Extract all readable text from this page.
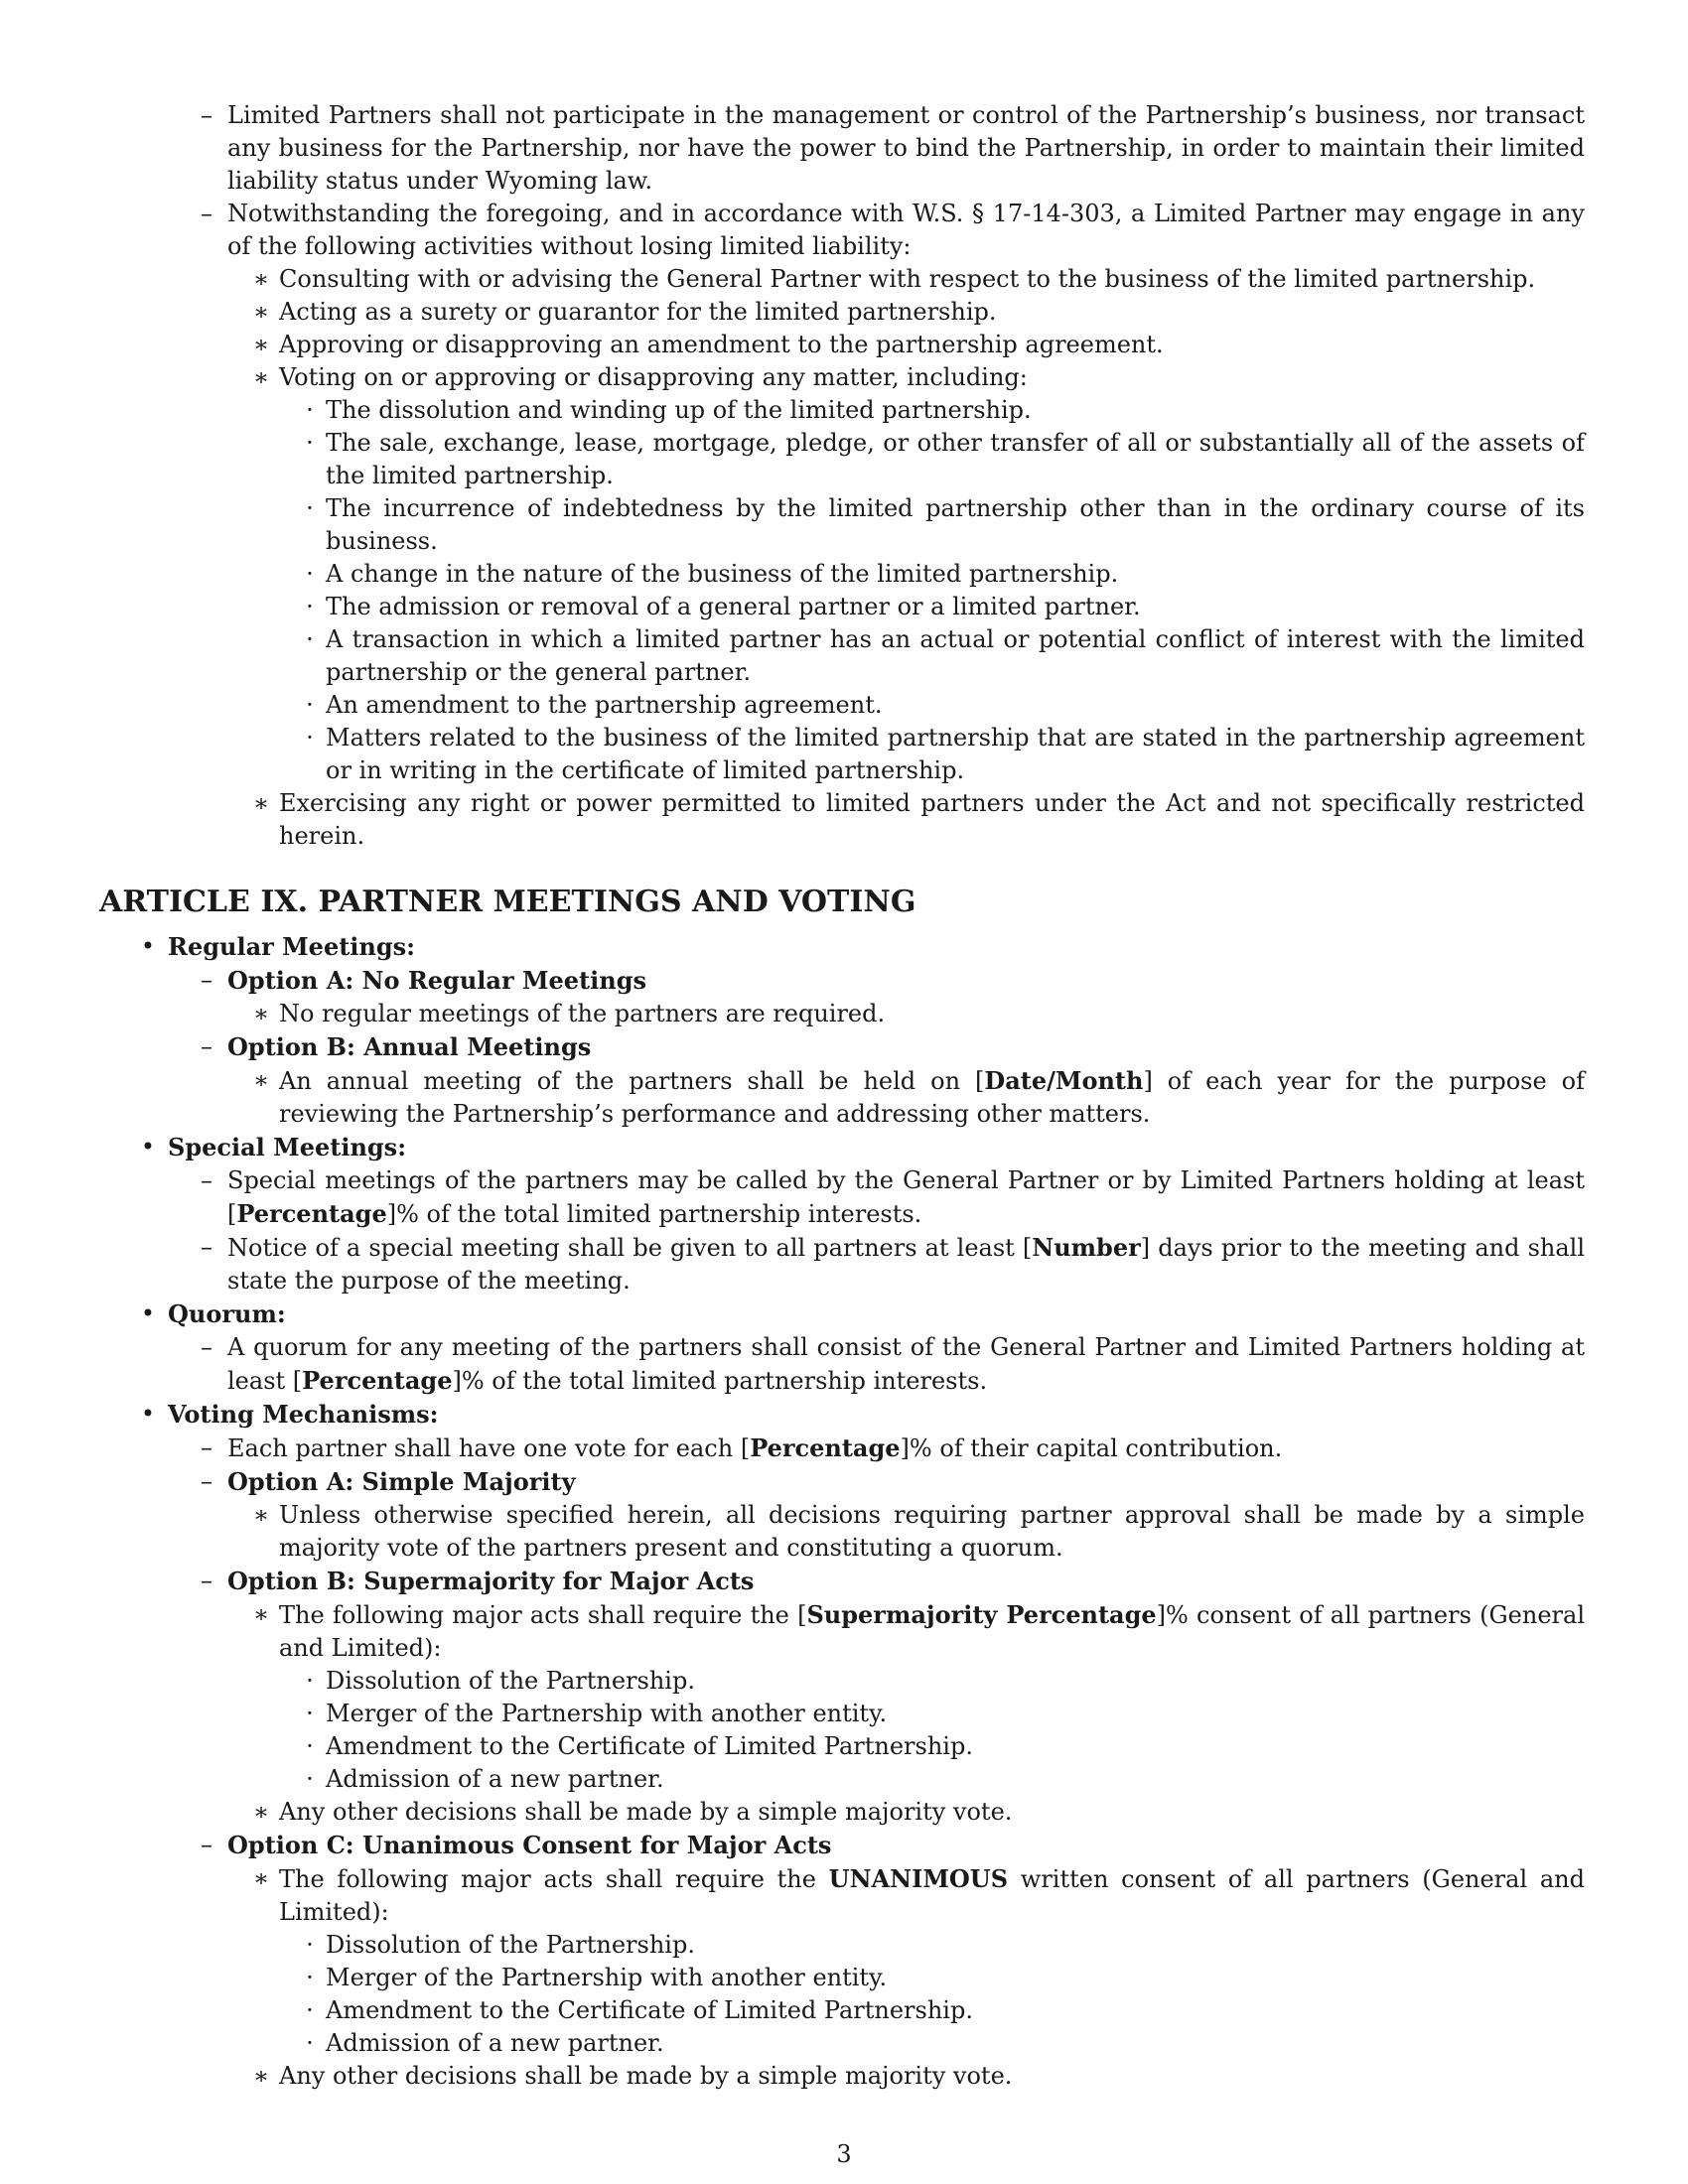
– Limited Partners shall not participate in the management or control of the Partnership’s business, nor transact any business for the Partnership, nor have the power to bind the Partnership, in order to maintain their limited liability status under Wyoming law.

– Notwithstanding the foregoing, and in accordance with W.S. § 17-14-303, a Limited Partner may engage in any of the following activities without losing limited liability:

∗ Consulting with or advising the General Partner with respect to the business of the limited partnership.

∗ Acting as a surety or guarantor for the limited partnership.

∗ Approving or disapproving an amendment to the partnership agreement.

∗ Voting on or approving or disapproving any matter, including:

· The dissolution and winding up of the limited partnership.

· The sale, exchange, lease, mortgage, pledge, or other transfer of all or substantially all of the assets of the limited partnership.

· The incurrence of indebtedness by the limited partnership other than in the ordinary course of its business.

· A change in the nature of the business of the limited partnership.

· The admission or removal of a general partner or a limited partner.

· A transaction in which a limited partner has an actual or potential conflict of interest with the limited partnership or the general partner.

· An amendment to the partnership agreement.

· Matters related to the business of the limited partnership that are stated in the partnership agreement or in writing in the certificate of limited partnership.

∗ Exercising any right or power permitted to limited partners under the Act and not specifically restricted herein.

ARTICLE IX. PARTNER MEETINGS AND VOTING

• Regular Meetings:

– Option A: No Regular Meetings

∗ No regular meetings of the partners are required.

– Option B: Annual Meetings

∗ An annual meeting of the partners shall be held on [Date/Month] of each year for the purpose of reviewing the Partnership’s performance and addressing other matters.

• Special Meetings:

– Special meetings of the partners may be called by the General Partner or by Limited Partners holding at least [Percentage]% of the total limited partnership interests.

– Notice of a special meeting shall be given to all partners at least [Number] days prior to the meeting and shall state the purpose of the meeting.

• Quorum:

– A quorum for any meeting of the partners shall consist of the General Partner and Limited Partners holding at least [Percentage]% of the total limited partnership interests.

• Voting Mechanisms:

– Each partner shall have one vote for each [Percentage]% of their capital contribution.

– Option A: Simple Majority

∗ Unless otherwise specified herein, all decisions requiring partner approval shall be made by a simple majority vote of the partners present and constituting a quorum.

– Option B: Supermajority for Major Acts

∗ The following major acts shall require the [Supermajority Percentage]% consent of all partners (General and Limited):

· Dissolution of the Partnership.

· Merger of the Partnership with another entity.

· Amendment to the Certificate of Limited Partnership.

· Admission of a new partner.

∗ Any other decisions shall be made by a simple majority vote.

– Option C: Unanimous Consent for Major Acts

∗ The following major acts shall require the UNANIMOUS written consent of all partners (General and Limited):

· Dissolution of the Partnership.

· Merger of the Partnership with another entity.

· Amendment to the Certificate of Limited Partnership.

· Admission of a new partner.

∗ Any other decisions shall be made by a simple majority vote.

3
